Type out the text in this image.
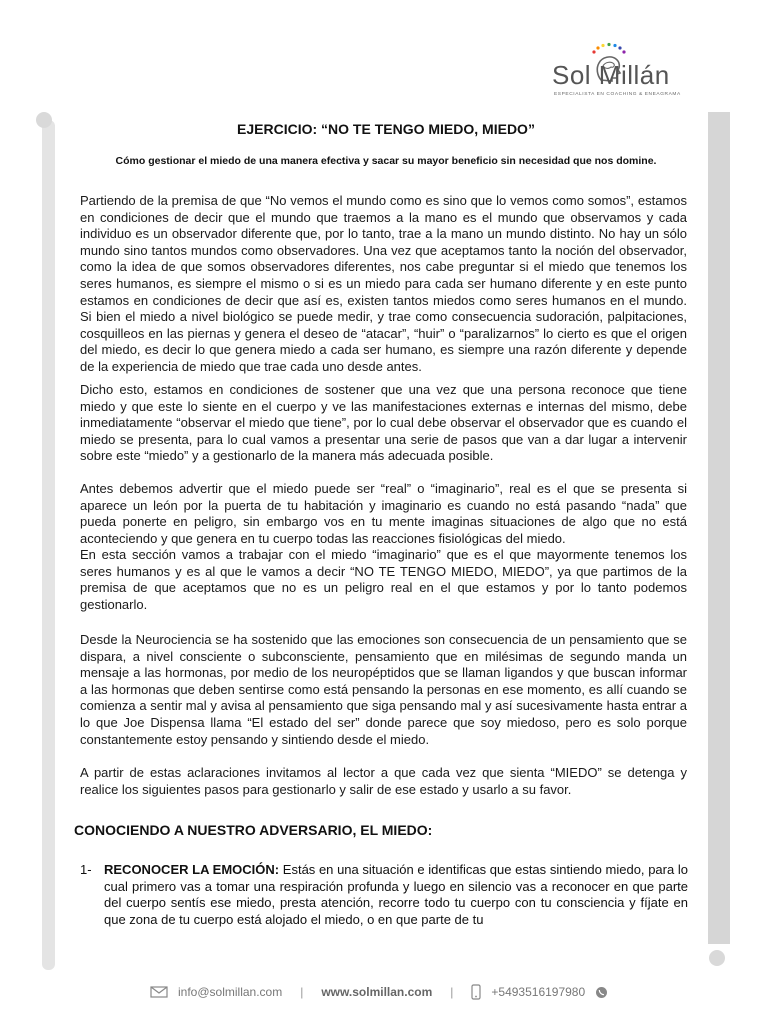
Sol Millán
ESPECIALISTA EN COACHING & ENEAGRAMA
EJERCICIO: “NO TE TENGO MIEDO, MIEDO”
Cómo gestionar el miedo de una manera efectiva y sacar su mayor beneficio sin necesidad que nos domine.

Partiendo de la premisa de que “No vemos el mundo como es sino que lo vemos como somos”, estamos en condiciones de decir que el mundo que traemos a la mano es el mundo que observamos y cada individuo es un observador diferente que, por lo tanto, trae a la mano un mundo distinto. No hay un sólo mundo sino tantos mundos como observadores. Una vez que aceptamos tanto la noción del observador, como la idea de que somos observadores diferentes, nos cabe preguntar si el miedo que tenemos los seres humanos, es siempre el mismo o si es un miedo para cada ser humano diferente y en este punto estamos en condiciones de decir que así es, existen tantos miedos como seres humanos en el mundo. Si bien el miedo a nivel biológico se puede medir, y trae como consecuencia sudoración, palpitaciones, cosquilleos en las piernas y genera el deseo de “atacar”, “huir” o “paralizarnos” lo cierto es que el origen del miedo, es decir lo que genera miedo a cada ser humano, es siempre una razón diferente y depende de la experiencia de miedo que trae cada uno desde antes.

Dicho esto, estamos en condiciones de sostener que una vez que una persona reconoce que tiene miedo y que este lo siente en el cuerpo y ve las manifestaciones externas e internas del mismo, debe inmediatamente “observar el miedo que tiene”, por lo cual debe observar el observador que es cuando el miedo se presenta, para lo cual vamos a presentar una serie de pasos que van a dar lugar a intervenir sobre este “miedo” y a gestionarlo de la manera más adecuada posible.

Antes debemos advertir que el miedo puede ser “real” o “imaginario”, real es el que se presenta si aparece un león por la puerta de tu habitación y imaginario es cuando no está pasando “nada” que pueda ponerte en peligro, sin embargo vos en tu mente imaginas situaciones de algo que no está aconteciendo y que genera en tu cuerpo todas las reacciones fisiológicas del miedo.

En esta sección vamos a trabajar con el miedo “imaginario” que es el que mayormente tenemos los seres humanos y es al que le vamos a decir “NO TE TENGO MIEDO, MIEDO”, ya que partimos de la premisa de que aceptamos que no es un peligro real en el que estamos y por lo tanto podemos gestionarlo.

Desde la Neurociencia se ha sostenido que las emociones son consecuencia de un pensamiento que se dispara, a nivel consciente o subconsciente, pensamiento que en milésimas de segundo manda un mensaje a las hormonas, por medio de los neuropéptidos que se llaman ligandos y que buscan informar a las hormonas que deben sentirse como está pensando la personas en ese momento, es allí cuando se comienza a sentir mal y avisa al pensamiento que siga pensando mal y así sucesivamente hasta entrar a lo que Joe Dispensa llama “El estado del ser” donde parece que soy miedoso, pero es solo porque constantemente estoy pensando y sintiendo desde el miedo.

A partir de estas aclaraciones invitamos al lector a que cada vez que sienta “MIEDO” se detenga y realice los siguientes pasos para gestionarlo y salir de ese estado y usarlo a su favor.

CONOCIENDO A NUESTRO ADVERSARIO, EL MIEDO:
1- RECONOCER LA EMOCIÓN: Estás en una situación e identificas que estas sintiendo miedo, para lo cual primero vas a tomar una respiración profunda y luego en silencio vas a reconocer en que parte del cuerpo sentís ese miedo, presta atención, recorre todo tu cuerpo con tu consciencia y fíjate en que zona de tu cuerpo está alojado el miedo, o en que parte de tu

info@solmillan.com	|	www.solmillan.com	|	+5493516197980
